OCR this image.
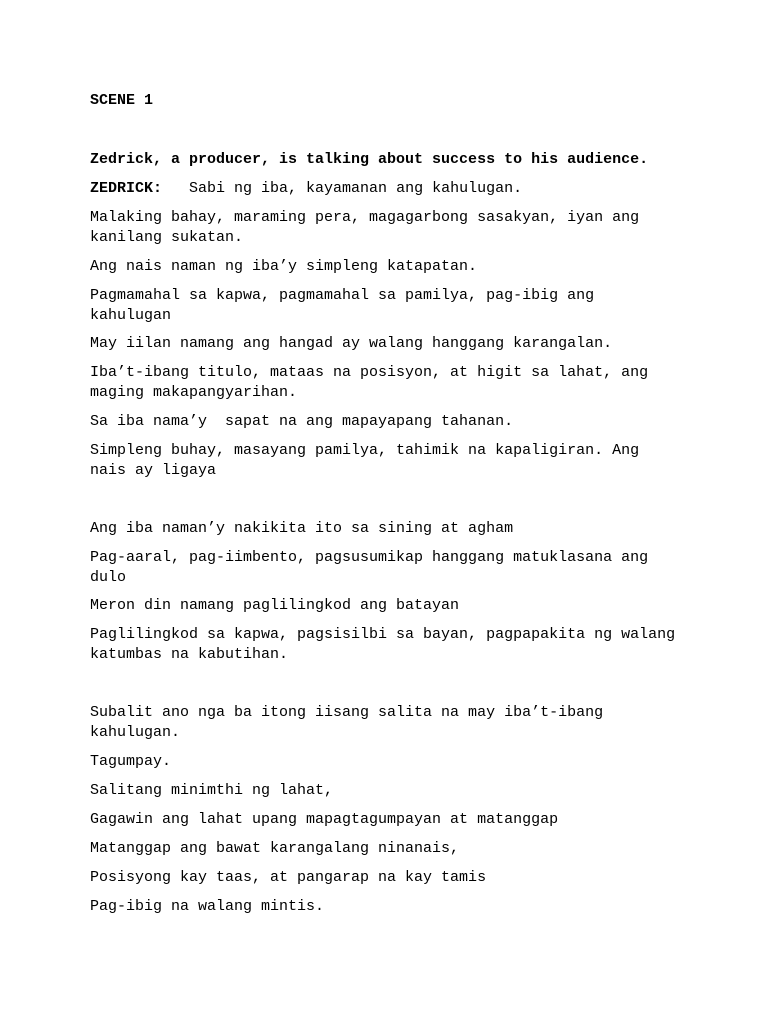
SCENE 1

Zedrick, a producer, is talking about success to his audience.

ZEDRICK: Sabi ng iba, kayamanan ang kahulugan.

Malaking bahay, maraming pera, magagarbong sasakyan, iyan ang
kanilang sukatan.

Ang nais naman ng iba’y simpleng katapatan.

Pagmamahal sa kapwa, pagmamahal sa pamilya, pag-ibig ang
kahulugan

May iilan namang ang hangad ay walang hanggang karangalan.

Iba’t-ibang titulo, mataas na posisyon, at higit sa lahat, ang
maging makapangyarihan.

Sa iba nama’y  sapat na ang mapayapang tahanan.

Simpleng buhay, masayang pamilya, tahimik na kapaligiran. Ang
nais ay ligaya

Ang iba naman’y nakikita ito sa sining at agham

Pag-aaral, pag-iimbento, pagsusumikap hanggang matuklasana ang
dulo

Meron din namang paglilingkod ang batayan

Paglilingkod sa kapwa, pagsisilbi sa bayan, pagpapakita ng walang
katumbas na kabutihan.

Subalit ano nga ba itong iisang salita na may iba’t-ibang
kahulugan.

Tagumpay.

Salitang minimthi ng lahat,

Gagawin ang lahat upang mapagtagumpayan at matanggap

Matanggap ang bawat karangalang ninanais,

Posisyong kay taas, at pangarap na kay tamis

Pag-ibig na walang mintis.
